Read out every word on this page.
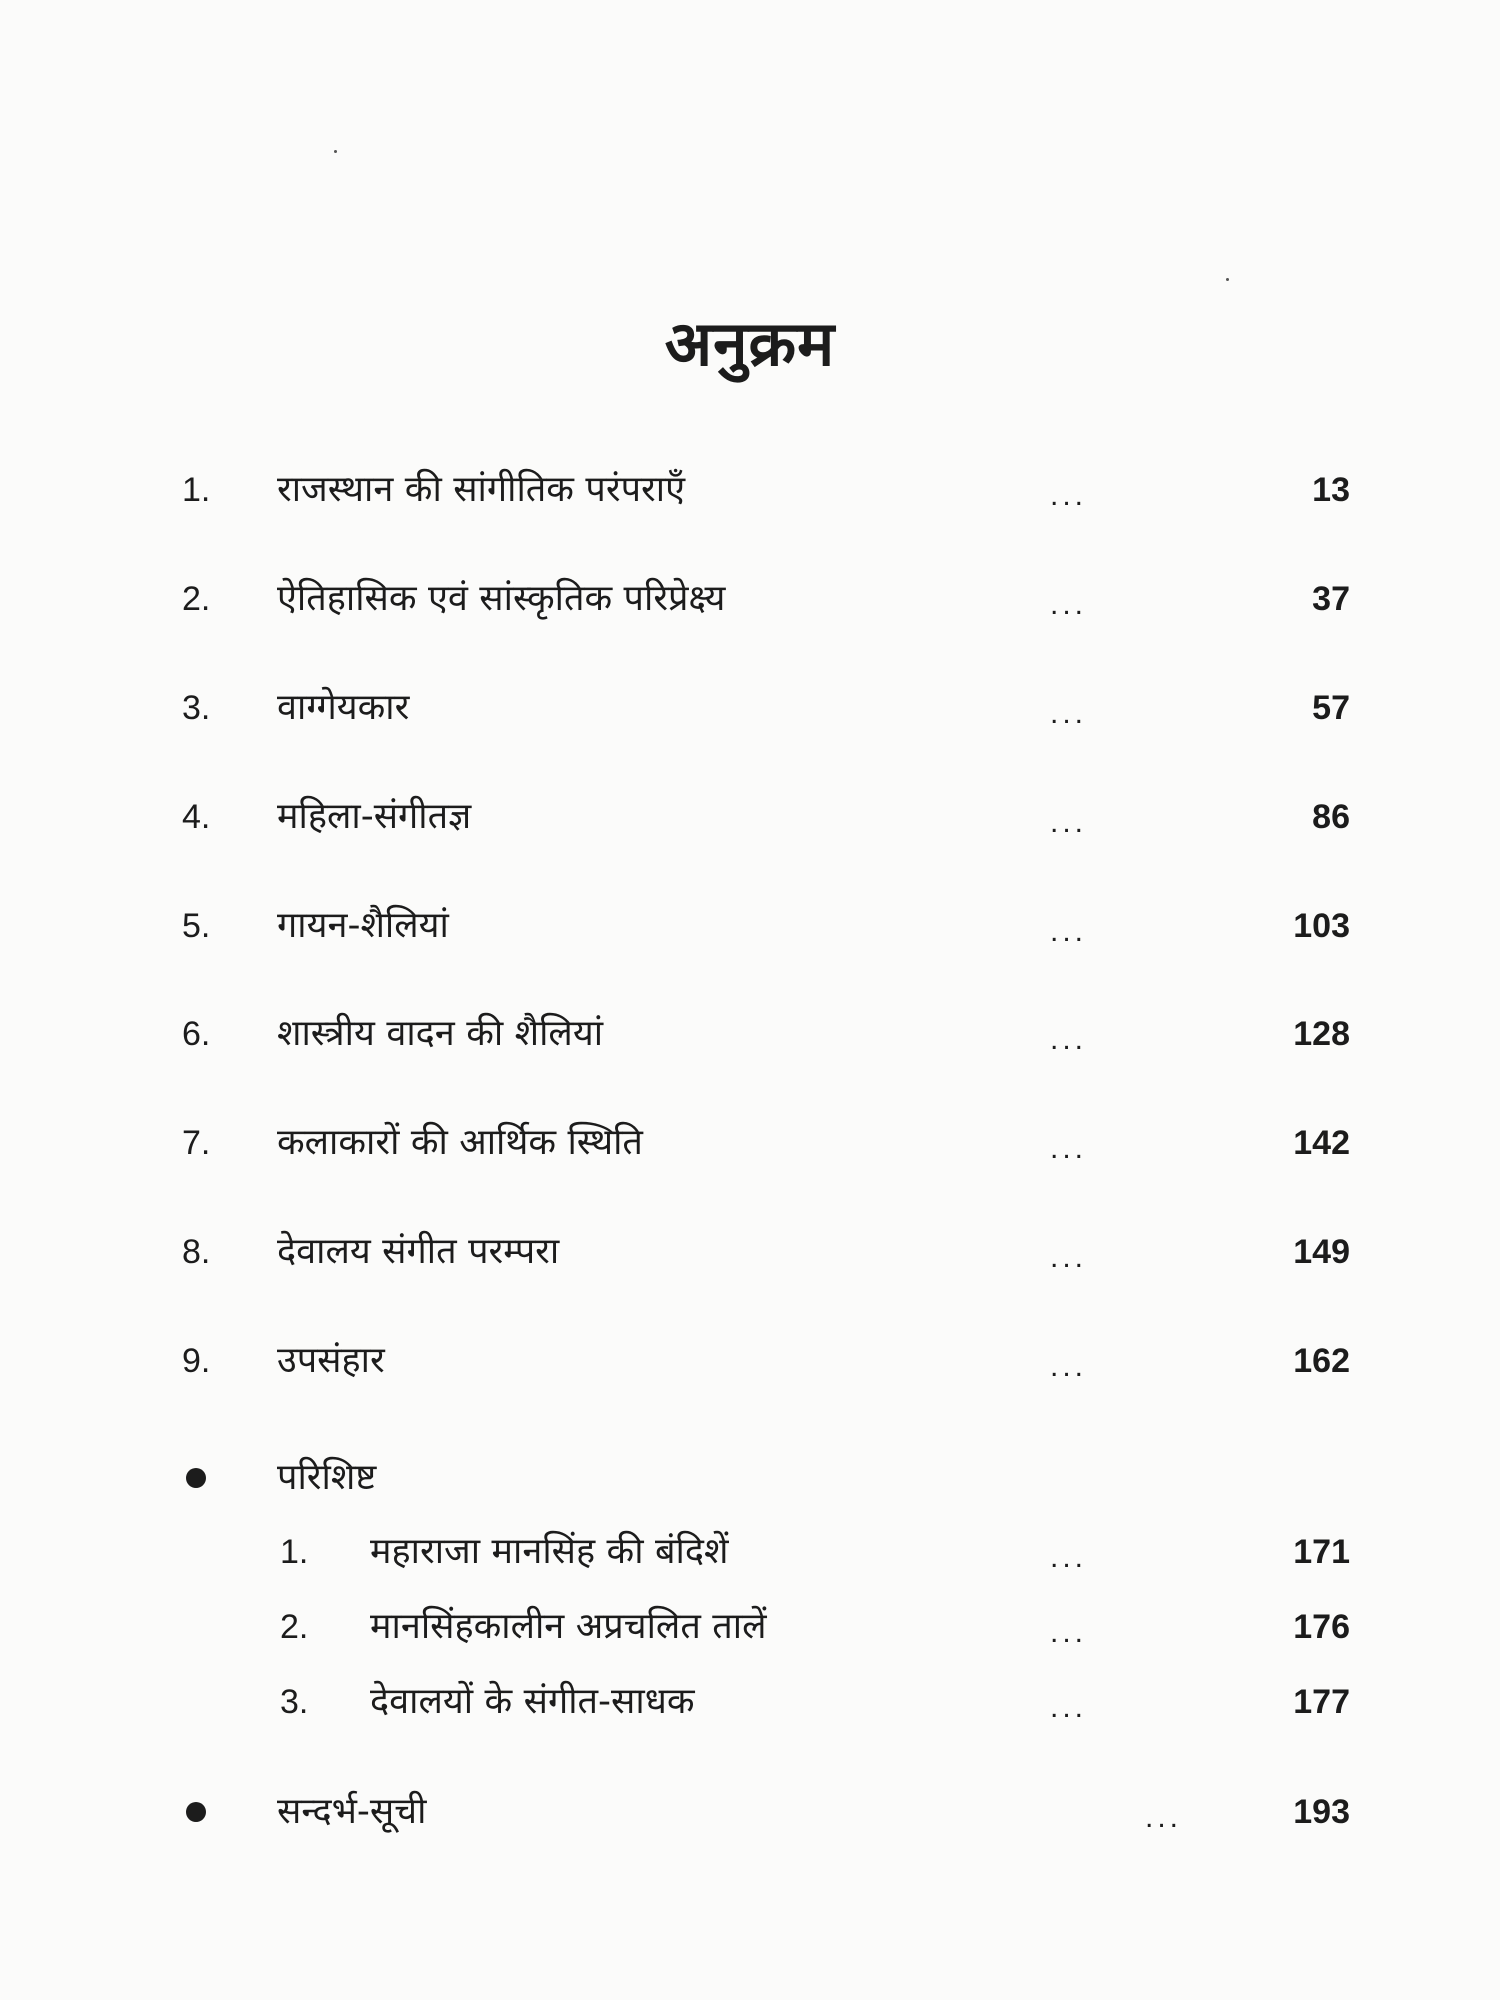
अनुक्रम
1. राजस्थान की सांगीतिक परंपराएँ	...	13
2. ऐतिहासिक एवं सांस्कृतिक परिप्रेक्ष्य	...	37
3. वाग्गेयकार	...	57
4. महिला-संगीतज्ञ	...	86
5. गायन-शैलियां	...	103
6. शास्त्रीय वादन की शैलियां	...	128
7. कलाकारों की आर्थिक स्थिति	...	142
8. देवालय संगीत परम्परा	...	149
9. उपसंहार	...	162
परिशिष्ट
1. महाराजा मानसिंह की बंदिशें	...	171
2. मानसिंहकालीन अप्रचलित तालें	...	176
3. देवालयों के संगीत-साधक	...	177
सन्दर्भ-सूची	...	193
